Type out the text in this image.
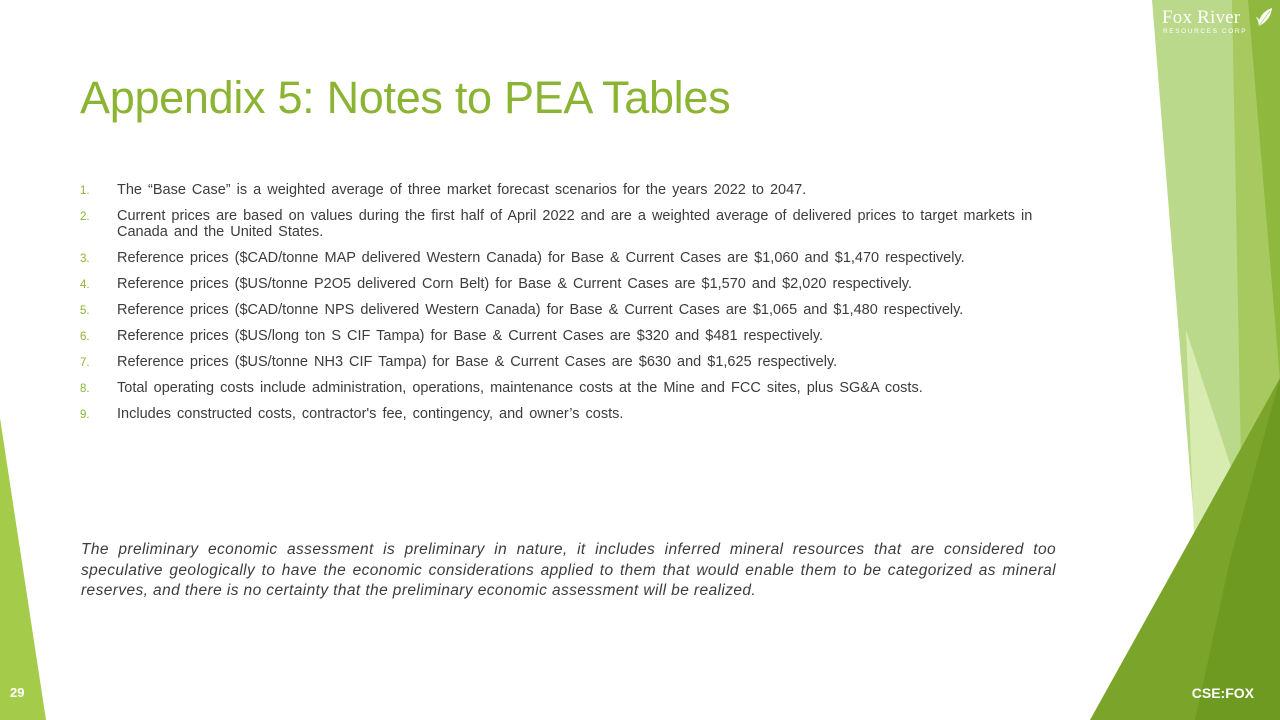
Fox River
RESOURCES CORP
Appendix 5: Notes to PEA Tables
1. The “Base Case” is a weighted average of three market forecast scenarios for the years 2022 to 2047.
2. Current prices are based on values during the first half of April 2022 and are a weighted average of delivered prices to target markets in Canada and the United States.
3. Reference prices ($CAD/tonne MAP delivered Western Canada) for Base & Current Cases are $1,060 and $1,470 respectively.
4. Reference prices ($US/tonne P2O5 delivered Corn Belt) for Base & Current Cases are $1,570 and $2,020 respectively.
5. Reference prices ($CAD/tonne NPS delivered Western Canada) for Base & Current Cases are $1,065 and $1,480 respectively.
6. Reference prices ($US/long ton S CIF Tampa) for Base & Current Cases are $320 and $481 respectively.
7. Reference prices ($US/tonne NH3 CIF Tampa) for Base & Current Cases are $630 and $1,625 respectively.
8. Total operating costs include administration, operations, maintenance costs at the Mine and FCC sites, plus SG&A costs.
9. Includes constructed costs, contractor's fee, contingency, and owner’s costs.

The preliminary economic assessment is preliminary in nature, it includes inferred mineral resources that are considered too speculative geologically to have the economic considerations applied to them that would enable them to be categorized as mineral reserves, and there is no certainty that the preliminary economic assessment will be realized.

29	CSE:FOX
